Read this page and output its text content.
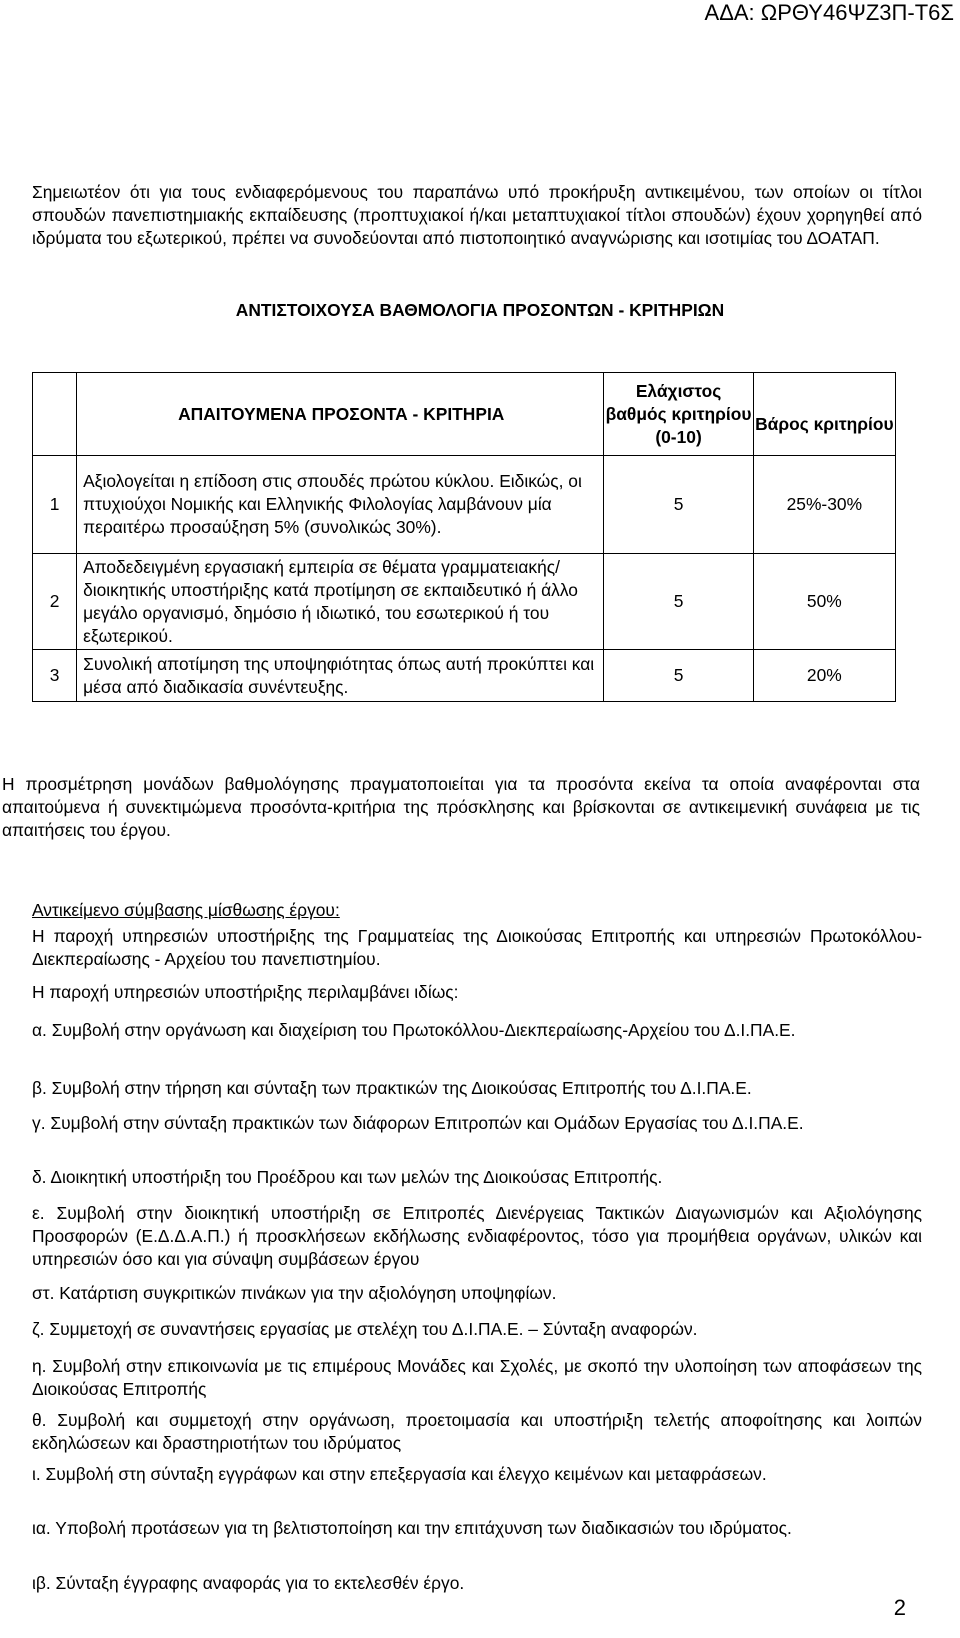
ΑΔΑ: ΩΡΘΥ46ΨΖ3Π-Τ6Σ
Σημειωτέον ότι για τους ενδιαφερόμενους του παραπάνω υπό προκήρυξη αντικειμένου, των οποίων οι τίτλοι σπουδών πανεπιστημιακής εκπαίδευσης (προπτυχιακοί ή/και μεταπτυχιακοί τίτλοι σπουδών) έχουν χορηγηθεί από ιδρύματα του εξωτερικού, πρέπει να συνοδεύονται από πιστοποιητικό αναγνώρισης και ισοτιμίας του ΔΟΑΤΑΠ.
ΑΝΤΙΣΤΟΙΧΟΥΣΑ ΒΑΘΜΟΛΟΓΙΑ ΠΡΟΣΟΝΤΩΝ - ΚΡΙΤΗΡΙΩΝ
	ΑΠΑΙΤΟΥΜΕΝΑ ΠΡΟΣΟΝΤΑ - ΚΡΙΤΗΡΙΑ	Ελάχιστος βαθμός κριτηρίου (0-10)	Βάρος κριτηρίου
1	Αξιολογείται η επίδοση στις σπουδές πρώτου κύκλου. Ειδικώς, οι πτυχιούχοι Νομικής και Ελληνικής Φιλολογίας λαμβάνουν μία περαιτέρω προσαύξηση 5% (συνολικώς 30%).	5	25%-30%
2	Αποδεδειγμένη εργασιακή εμπειρία σε θέματα γραμματειακής/διοικητικής υποστήριξης κατά προτίμηση σε εκπαιδευτικό ή άλλο μεγάλο οργανισμό, δημόσιο ή ιδιωτικό, του εσωτερικού ή του εξωτερικού.	5	50%
3	Συνολική αποτίμηση της υποψηφιότητας όπως αυτή προκύπτει και μέσα από διαδικασία συνέντευξης.	5	20%
Η προσμέτρηση μονάδων βαθμολόγησης πραγματοποιείται για τα προσόντα εκείνα τα οποία αναφέρονται στα απαιτούμενα ή συνεκτιμώμενα προσόντα-κριτήρια της πρόσκλησης και βρίσκονται σε αντικειμενική συνάφεια με τις απαιτήσεις του έργου.
Αντικείμενο σύμβασης μίσθωσης έργου:
Η παροχή υπηρεσιών υποστήριξης της Γραμματείας της Διοικούσας Επιτροπής και υπηρεσιών Πρωτοκόλλου-Διεκπεραίωσης - Αρχείου του πανεπιστημίου.
Η παροχή υπηρεσιών υποστήριξης περιλαμβάνει ιδίως:
α. Συμβολή στην οργάνωση και διαχείριση του Πρωτοκόλλου-Διεκπεραίωσης-Αρχείου του Δ.Ι.ΠΑ.Ε.
β. Συμβολή στην τήρηση και σύνταξη των πρακτικών της Διοικούσας Επιτροπής του Δ.Ι.ΠΑ.Ε.
γ. Συμβολή στην σύνταξη πρακτικών των διάφορων Επιτροπών και Ομάδων Εργασίας του Δ.Ι.ΠΑ.Ε.
δ. Διοικητική υποστήριξη του Προέδρου και των μελών της Διοικούσας Επιτροπής.
ε. Συμβολή στην διοικητική υποστήριξη σε Επιτροπές Διενέργειας Τακτικών Διαγωνισμών και Αξιολόγησης Προσφορών (Ε.Δ.Δ.Α.Π.) ή προσκλήσεων εκδήλωσης ενδιαφέροντος, τόσο για προμήθεια οργάνων, υλικών και υπηρεσιών όσο και για σύναψη συμβάσεων έργου
στ. Κατάρτιση συγκριτικών πινάκων για την αξιολόγηση υποψηφίων.
ζ. Συμμετοχή σε συναντήσεις εργασίας με στελέχη του Δ.Ι.ΠΑ.Ε. – Σύνταξη αναφορών.
η. Συμβολή στην επικοινωνία με τις επιμέρους Μονάδες και Σχολές, με σκοπό την υλοποίηση των αποφάσεων της Διοικούσας Επιτροπής
θ. Συμβολή και συμμετοχή στην οργάνωση, προετοιμασία και υποστήριξη τελετής αποφοίτησης και λοιπών εκδηλώσεων και δραστηριοτήτων του ιδρύματος
ι. Συμβολή στη σύνταξη εγγράφων και στην επεξεργασία και έλεγχο κειμένων και μεταφράσεων.
ια. Υποβολή προτάσεων για τη βελτιστοποίηση και την επιτάχυνση των διαδικασιών του ιδρύματος.
ιβ. Σύνταξη έγγραφης αναφοράς για το εκτελεσθέν έργο.
2
